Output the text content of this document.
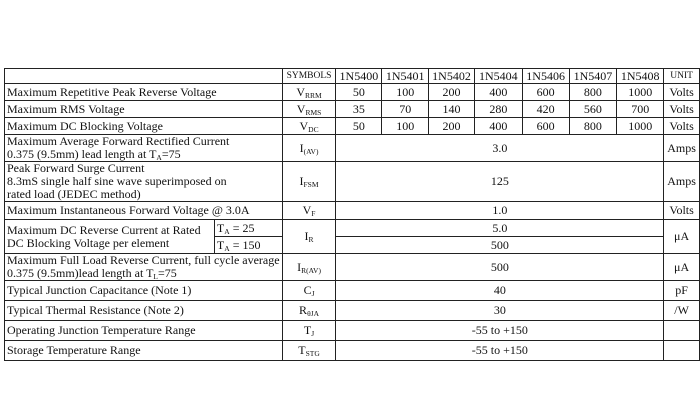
		SYMBOLS	1N5400	1N5401	1N5402	1N5404	1N5406	1N5407	1N5408	UNIT
Maximum Repetitive Peak Reverse Voltage		$V_{RRM}$	50	100	200	400	600	800	1000	Volts
Maximum RMS Voltage		$V_{RMS}$	35	70	140	280	420	560	700	Volts
Maximum DC Blocking Voltage		$V_{DC}$	50	100	200	400	600	800	1000	Volts

Maximum Average Forward Rectified Current
0.375 (9.5mm) lead length at $T_A=75$		$I_{(AV)}$	3.0							Amps

Peak Forward Surge Current
8.3mS single half sine wave superimposed on
rated load (JEDEC method)		$I_{FSM}$	125							Amps
Maximum Instantaneous Forward Voltage @ 3.0A		$V_F$	1.0							Volts

Maximum DC Reverse Current at Rated
DC Blocking Voltage per element	$T_A = 25$	$I_R$	5.0							μA
	$T_A = 150$		500							

Maximum Full Load Reverse Current, full cycle average
0.375 (9.5mm)lead length at $T_L=75$		$I_{R(AV)}$	500							μA
Typical Junction Capacitance (Note 1)		$C_J$	40							pF
Typical Thermal Resistance (Note 2)		$R_{\theta JA}$	30							/W
Operating Junction Temperature Range		$T_J$	-55 to +150							
Storage Temperature Range		$T_{STG}$	-55 to +150							
